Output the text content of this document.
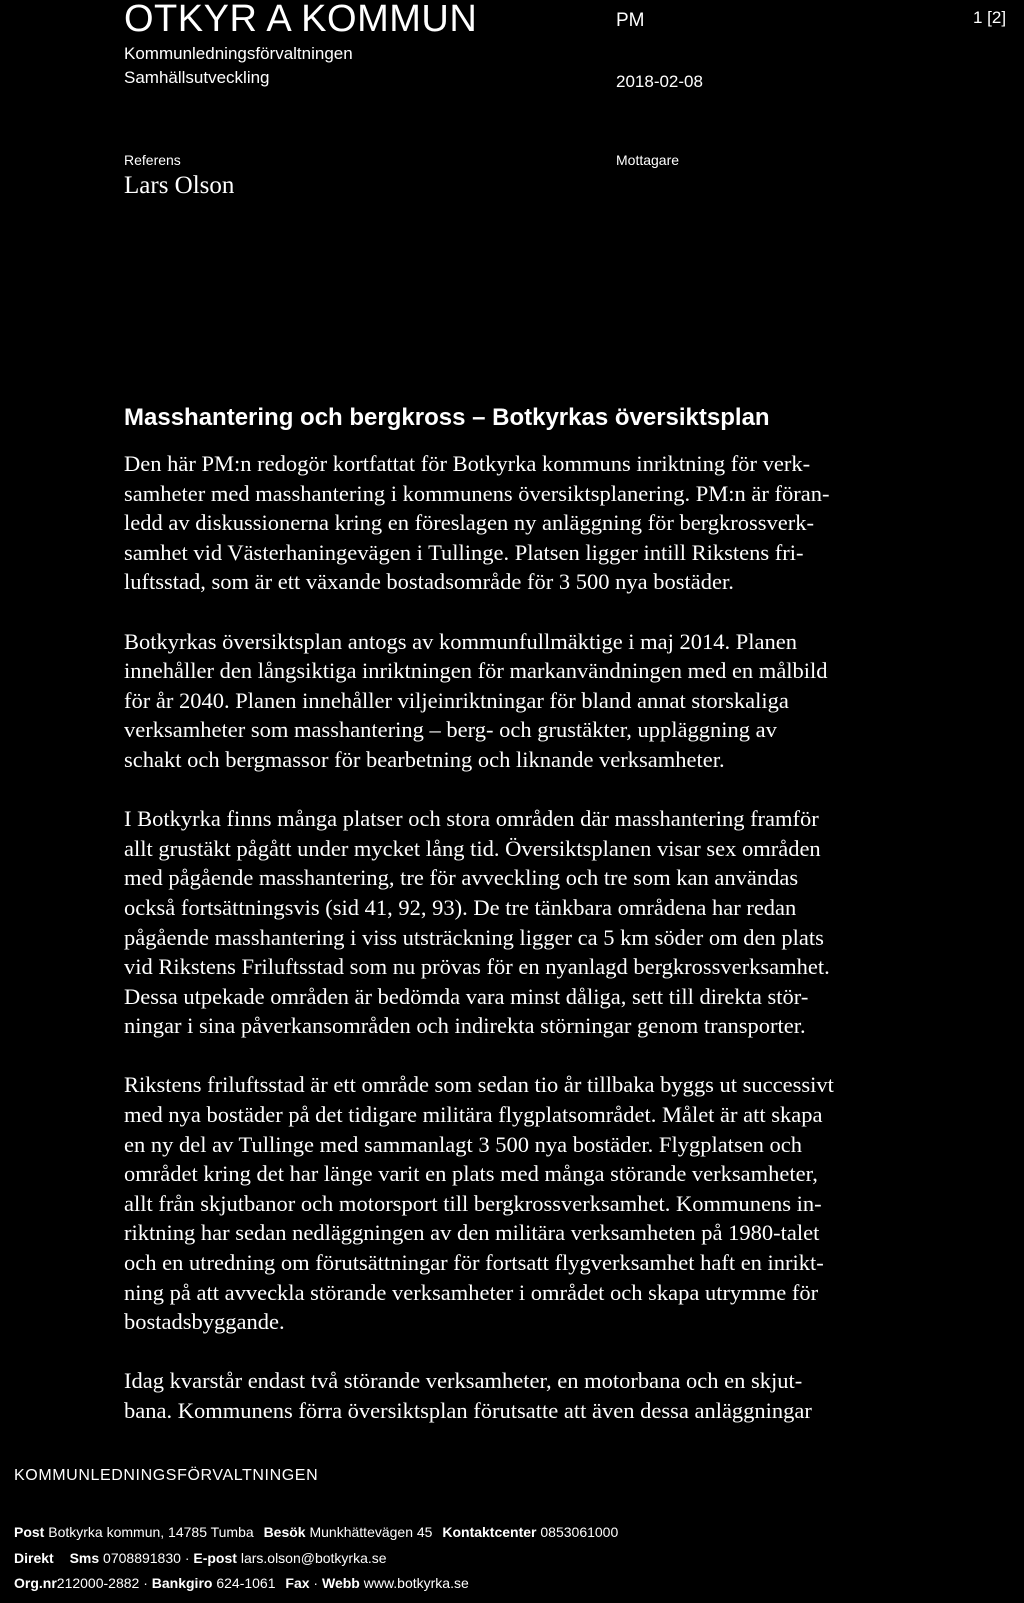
OTKYR A KOMMUN	PM	1 [2]
Kommunledningsförvaltningen
Samhällsutveckling	2018-02-08
Referens
Lars Olson
Mottagare
Masshantering och bergkross – Botkyrkas översiktsplan

Den här PM:n redogör kortfattat för Botkyrka kommuns inriktning för verk-
samheter med masshantering i kommunens översiktsplanering. PM:n är föran-
ledd av diskussionerna kring en föreslagen ny anläggning för bergkrossverk-
samhet vid Västerhaningevägen i Tullinge. Platsen ligger intill Rikstens fri-
luftsstad, som är ett växande bostadsområde för 3 500 nya bostäder.

Botkyrkas översiktsplan antogs av kommunfullmäktige i maj 2014. Planen
innehåller den långsiktiga inriktningen för markanvändningen med en målbild
för år 2040. Planen innehåller viljeinriktningar för bland annat storskaliga
verksamheter som masshantering – berg- och grustäkter, uppläggning av
schakt och bergmassor för bearbetning och liknande verksamheter.

I Botkyrka finns många platser och stora områden där masshantering framför
allt grustäkt pågått under mycket lång tid. Översiktsplanen visar sex områden
med pågående masshantering, tre för avveckling och tre som kan användas
också fortsättningsvis (sid 41, 92, 93). De tre tänkbara områdena har redan
pågående masshantering i viss utsträckning ligger ca 5 km söder om den plats
vid Rikstens Friluftsstad som nu prövas för en nyanlagd bergkrossverksamhet.
Dessa utpekade områden är bedömda vara minst dåliga, sett till direkta stör-
ningar i sina påverkansområden och indirekta störningar genom transporter.

Rikstens friluftsstad är ett område som sedan tio år tillbaka byggs ut successivt
med nya bostäder på det tidigare militära flygplatsområdet. Målet är att skapa
en ny del av Tullinge med sammanlagt 3 500 nya bostäder. Flygplatsen och
området kring det har länge varit en plats med många störande verksamheter,
allt från skjutbanor och motorsport till bergkrossverksamhet. Kommunens in-
riktning har sedan nedläggningen av den militära verksamheten på 1980-talet
och en utredning om förutsättningar för fortsatt flygverksamhet haft en inrikt-
ning på att avveckla störande verksamheter i området och skapa utrymme för
bostadsbyggande.

Idag kvarstår endast två störande verksamheter, en motorbana och en skjut-
bana. Kommunens förra översiktsplan förutsatte att även dessa anläggningar

KOMMUNLEDNINGSFÖRVALTNINGEN
Post Botkyrka kommun, 14785 Tumba Besök Munkhättevägen 45 Kontaktcenter 0853061000
Direkt Sms 0708891830 · E-post lars.olson@botkyrka.se
Org.nr212000-2882 · Bankgiro 624-1061 Fax · Webb www.botkyrka.se
